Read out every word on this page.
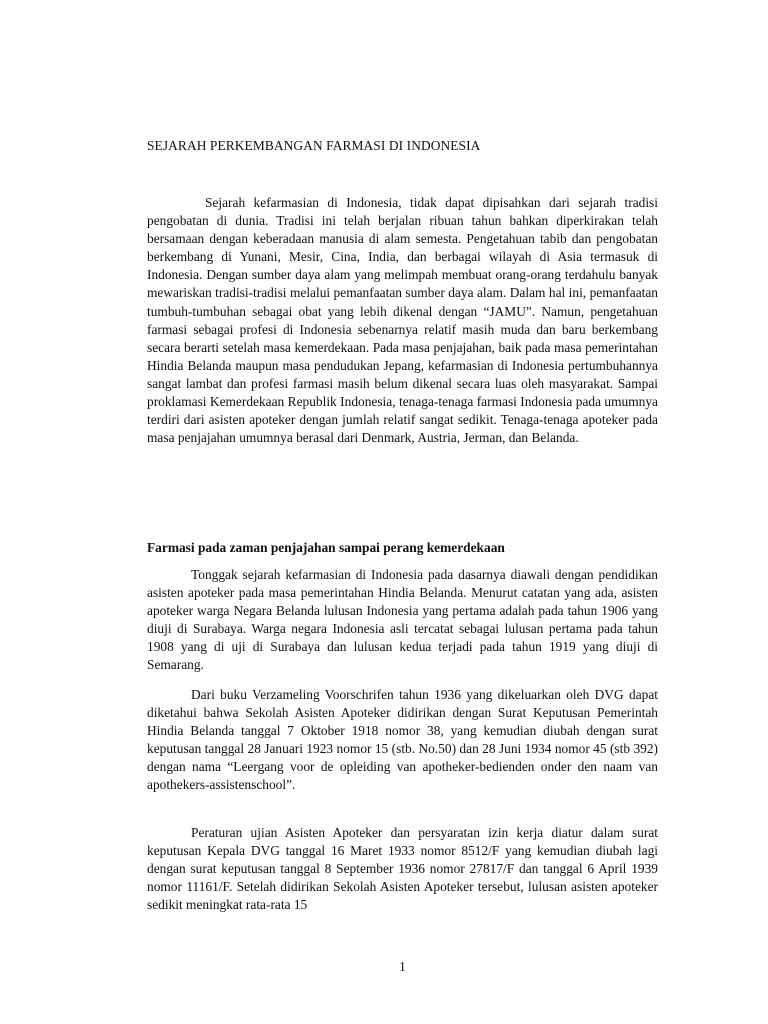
SEJARAH PERKEMBANGAN FARMASI DI INDONESIA

Sejarah kefarmasian di Indonesia, tidak dapat dipisahkan dari sejarah tradisi pengobatan di dunia. Tradisi ini telah berjalan ribuan tahun bahkan diperkirakan telah bersamaan dengan keberadaan manusia di alam semesta. Pengetahuan tabib dan pengobatan berkembang di Yunani, Mesir, Cina, India, dan berbagai wilayah di Asia termasuk di Indonesia. Dengan sumber daya alam yang melimpah membuat orang-orang terdahulu banyak mewariskan tradisi-tradisi melalui pemanfaatan sumber daya alam. Dalam hal ini, pemanfaatan tumbuh-tumbuhan sebagai obat yang lebih dikenal dengan “JAMU”. Namun, pengetahuan farmasi sebagai profesi di Indonesia sebenarnya relatif masih muda dan baru berkembang secara berarti setelah masa kemerdekaan. Pada masa penjajahan, baik pada masa pemerintahan Hindia Belanda maupun masa pendudukan Jepang, kefarmasian di Indonesia pertumbuhannya sangat lambat dan profesi farmasi masih belum dikenal secara luas oleh masyarakat. Sampai proklamasi Kemerdekaan Republik Indonesia, tenaga-tenaga farmasi Indonesia pada umumnya terdiri dari asisten apoteker dengan jumlah relatif sangat sedikit. Tenaga-tenaga apoteker pada masa penjajahan umumnya berasal dari Denmark, Austria, Jerman, dan Belanda.

Farmasi pada zaman penjajahan sampai perang kemerdekaan

Tonggak sejarah kefarmasian di Indonesia pada dasarnya diawali dengan pendidikan asisten apoteker pada masa pemerintahan Hindia Belanda. Menurut catatan yang ada, asisten apoteker warga Negara Belanda lulusan Indonesia yang pertama adalah pada tahun 1906 yang diuji di Surabaya. Warga negara Indonesia asli tercatat sebagai lulusan pertama pada tahun 1908 yang di uji di Surabaya dan lulusan kedua terjadi pada tahun 1919 yang diuji di Semarang.

Dari buku Verzameling Voorschrifen tahun 1936 yang dikeluarkan oleh DVG dapat diketahui bahwa Sekolah Asisten Apoteker didirikan dengan Surat Keputusan Pemerintah Hindia Belanda tanggal 7 Oktober 1918 nomor 38, yang kemudian diubah dengan surat keputusan tanggal 28 Januari 1923 nomor 15 (stb. No.50) dan 28 Juni 1934 nomor 45 (stb 392) dengan nama “Leergang voor de opleiding van apotheker-bedienden onder den naam van apothekers-assistenschool”.

Peraturan ujian Asisten Apoteker dan persyaratan izin kerja diatur dalam surat keputusan Kepala DVG tanggal 16 Maret 1933 nomor 8512/F yang kemudian diubah lagi dengan surat keputusan tanggal 8 September 1936 nomor 27817/F dan tanggal 6 April 1939 nomor 11161/F. Setelah didirikan Sekolah Asisten Apoteker tersebut, lulusan asisten apoteker sedikit meningkat rata-rata 15

1
